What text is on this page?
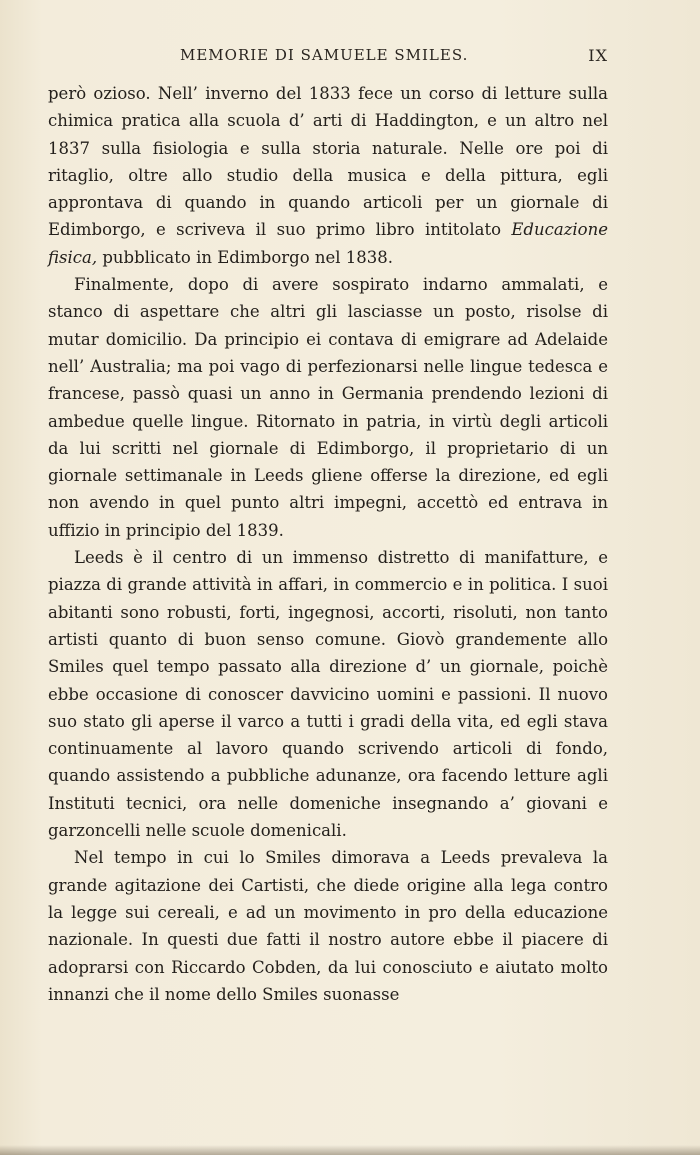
MEMORIE DI SAMUELE SMILES.	IX

però ozioso. Nell’ inverno del 1833 fece un corso di letture sulla chimica pratica alla scuola d’ arti di Haddington, e un altro nel 1837 sulla fisiologia e sulla storia naturale. Nelle ore poi di ritaglio, oltre allo studio della musica e della pittura, egli approntava di quando in quando articoli per un giornale di Edimborgo, e scriveva il suo primo libro intitolato Educazione fisica, pubblicato in Edimborgo nel 1838.

Finalmente, dopo di avere sospirato indarno ammalati, e stanco di aspettare che altri gli lasciasse un posto, risolse di mutar domicilio. Da principio ei contava di emigrare ad Adelaide nell’ Australia; ma poi vago di perfezionarsi nelle lingue tedesca e francese, passò quasi un anno in Germania prendendo lezioni di ambedue quelle lingue. Ritornato in patria, in virtù degli articoli da lui scritti nel giornale di Edimborgo, il proprietario di un giornale settimanale in Leeds gliene offerse la direzione, ed egli non avendo in quel punto altri impegni, accettò ed entrava in uffizio in principio del 1839.

Leeds è il centro di un immenso distretto di manifatture, e piazza di grande attività in affari, in commercio e in politica. I suoi abitanti sono robusti, forti, ingegnosi, accorti, risoluti, non tanto artisti quanto di buon senso comune. Giovò grandemente allo Smiles quel tempo passato alla direzione d’ un giornale, poichè ebbe occasione di conoscer davvicino uomini e passioni. Il nuovo suo stato gli aperse il varco a tutti i gradi della vita, ed egli stava continuamente al lavoro quando scrivendo articoli di fondo, quando assistendo a pubbliche adunanze, ora facendo letture agli Instituti tecnici, ora nelle domeniche insegnando a’ giovani e garzoncelli nelle scuole domenicali.

Nel tempo in cui lo Smiles dimorava a Leeds prevaleva la grande agitazione dei Cartisti, che diede origine alla lega contro la legge sui cereali, e ad un movimento in pro della educazione nazionale. In questi due fatti il nostro autore ebbe il piacere di adoprarsi con Riccardo Cobden, da lui conosciuto e aiutato molto innanzi che il nome dello Smiles suonasse
